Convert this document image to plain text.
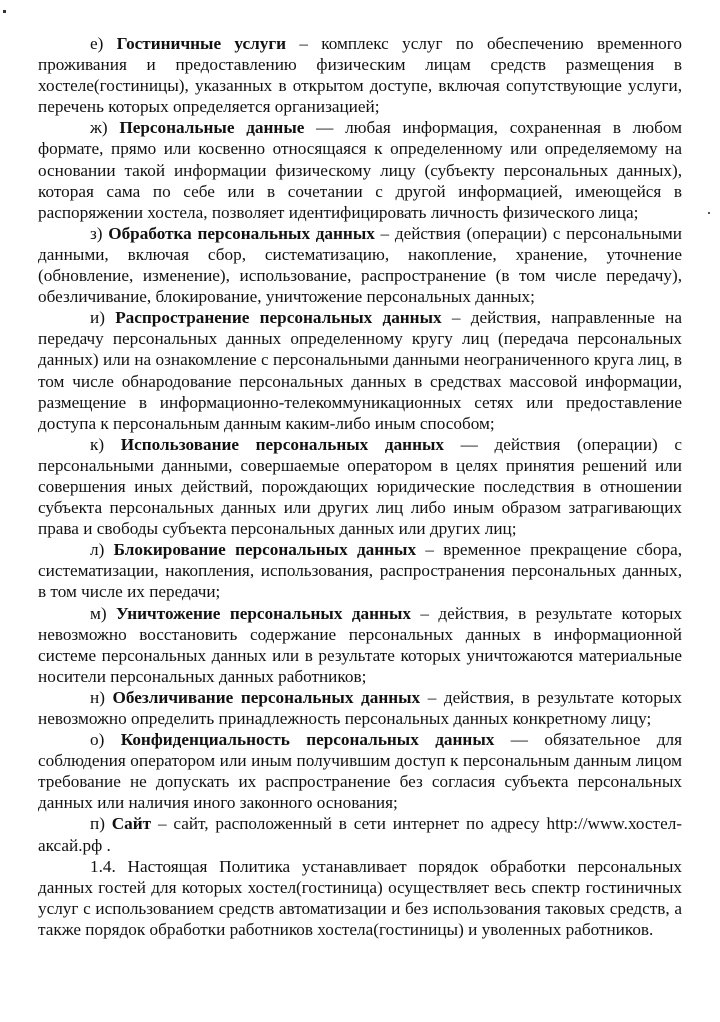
е) Гостиничные услуги – комплекс услуг по обеспечению временного проживания и предоставлению физическим лицам средств размещения в хостеле(гостиницы), указанных в открытом доступе, включая сопутствующие услуги, перечень которых определяется организацией;

ж) Персональные данные — любая информация, сохраненная в любом формате, прямо или косвенно относящаяся к определенному или определяемому на основании такой информации физическому лицу (субъекту персональных данных), которая сама по себе или в сочетании с другой информацией, имеющейся в распоряжении хостела, позволяет идентифицировать личность физического лица;

з) Обработка персональных данных – действия (операции) с персональными данными, включая сбор, систематизацию, накопление, хранение, уточнение (обновление, изменение), использование, распространение (в том числе передачу), обезличивание, блокирование, уничтожение персональных данных;

и) Распространение персональных данных – действия, направленные на передачу персональных данных определенному кругу лиц (передача персональных данных) или на ознакомление с персональными данными неограниченного круга лиц, в том числе обнародование персональных данных в средствах массовой информации, размещение в информационно-телекоммуникационных сетях или предоставление доступа к персональным данным каким-либо иным способом;

к) Использование персональных данных — действия (операции) с персональными данными, совершаемые оператором в целях принятия решений или совершения иных действий, порождающих юридические последствия в отношении субъекта персональных данных или других лиц либо иным образом затрагивающих права и свободы субъекта персональных данных или других лиц;

л) Блокирование персональных данных – временное прекращение сбора, систематизации, накопления, использования, распространения персональных данных, в том числе их передачи;

м) Уничтожение персональных данных – действия, в результате которых невозможно восстановить содержание персональных данных в информационной системе персональных данных или в результате которых уничтожаются материальные носители персональных данных работников;

н) Обезличивание персональных данных – действия, в результате которых невозможно определить принадлежность персональных данных конкретному лицу;

о) Конфиденциальность персональных данных — обязательное для соблюдения оператором или иным получившим доступ к персональным данным лицом требование не допускать их распространение без согласия субъекта персональных данных или наличия иного законного основания;

п) Сайт – сайт, расположенный в сети интернет по адресу http://www.хостел-аксай.рф .

1.4. Настоящая Политика устанавливает порядок обработки персональных данных гостей для которых хостел(гостиница) осуществляет весь спектр гостиничных услуг с использованием средств автоматизации и без использования таковых средств, а также порядок обработки работников хостела(гостиницы) и уволенных работников.
